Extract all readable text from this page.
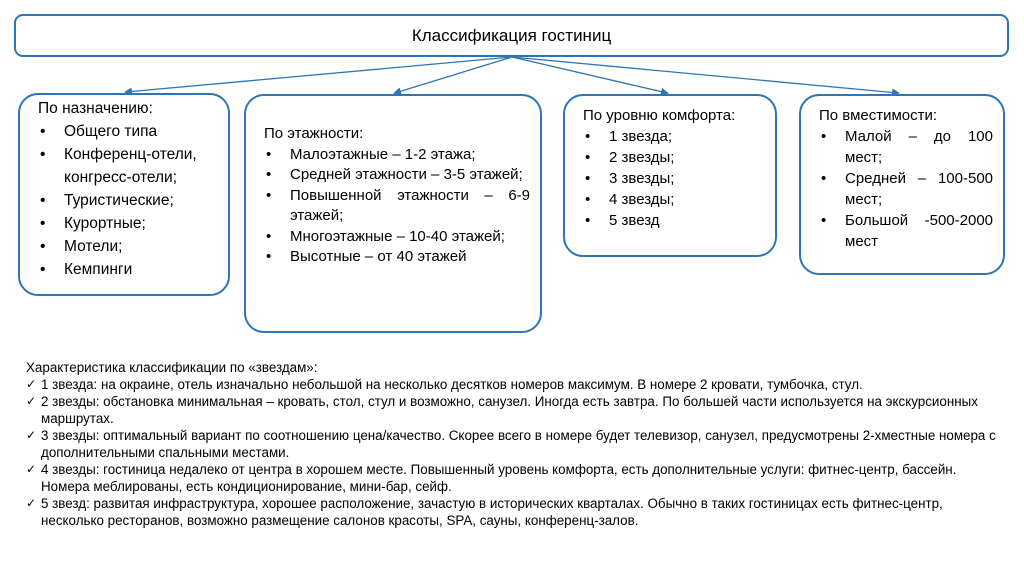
Классификация гостиниц

По назначению:

• Общего типа
• Конференц-отели, конгресс-отели;
• Туристические;
• Курортные;
• Мотели;
• Кемпинги

По этажности:

• Малоэтажные – 1-2 этажа;
• Средней этажности – 3-5 этажей;
• Повышенной этажности – 6-9 этажей;
• Многоэтажные – 10-40 этажей;
• Высотные – от 40 этажей

По уровню комфорта:

• 1 звезда;
• 2 звезды;
• 3 звезды;
• 4 звезды;
• 5 звезд

По вместимости:

• Малой – до 100 мест;
• Средней – 100-500 мест;
• Большой -500-2000 мест

Характеристика классификации по «звездам»:

✓ 1 звезда: на окраине, отель изначально небольшой на несколько десятков номеров максимум. В номере 2 кровати, тумбочка, стул.
✓ 2 звезды: обстановка минимальная – кровать, стол, стул и возможно, санузел. Иногда есть завтра. По большей части используется на экскурсионных маршрутах.
✓ 3 звезды: оптимальный вариант по соотношению цена/качество. Скорее всего в номере будет телевизор, санузел, предусмотрены 2-хместные номера с дополнительными спальными местами.
✓ 4 звезды: гостиница недалеко от центра в хорошем месте. Повышенный уровень комфорта, есть дополнительные услуги: фитнес-центр, бассейн. Номера меблированы, есть кондиционирование, мини-бар, сейф.
✓ 5 звезд: развитая инфраструктура, хорошее расположение, зачастую в исторических кварталах. Обычно в таких гостиницах есть фитнес-центр, несколько ресторанов, возможно размещение салонов красоты, SPA, сауны, конференц-залов.
